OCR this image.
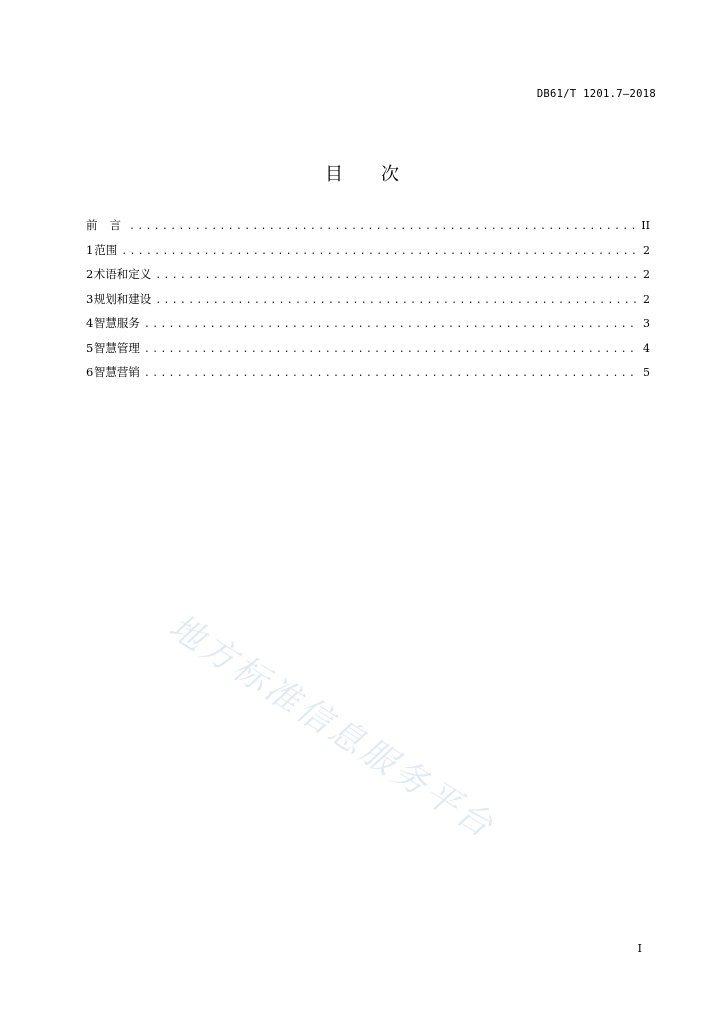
DB61/T 1201.7—2018
目 次
前言 .....	II
1 范围 .....	2
2 术语和定义 .....	2
3 规划和建设 .....	2
4 智慧服务 .....	3
5 智慧管理 .....	4
6 智慧营销 .....	5
地方标准信息服务平台
I
